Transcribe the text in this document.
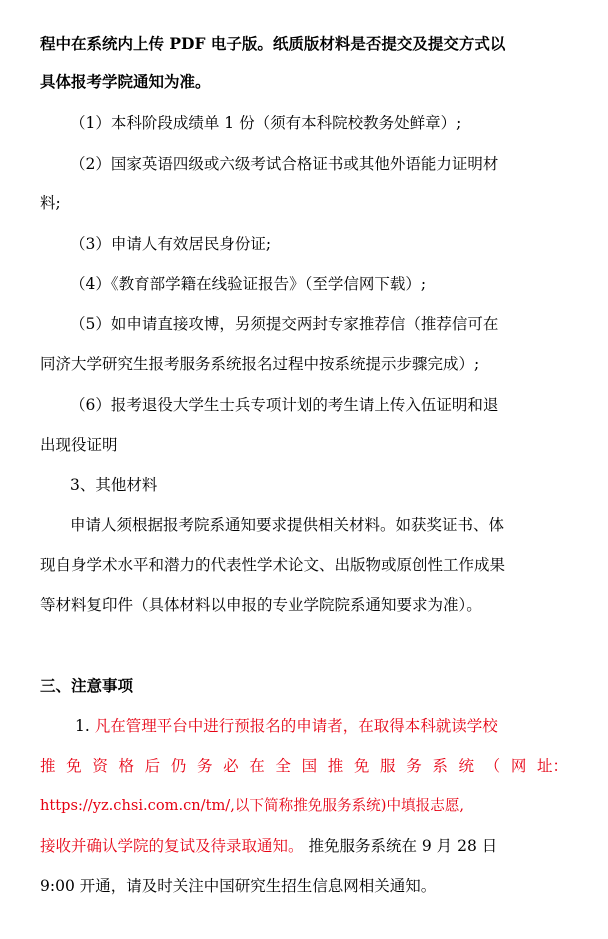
程中在系统内上传 PDF 电子版。纸质版材料是否提交及提交方式以
具体报考学院通知为准。
（1）本科阶段成绩单 1 份（须有本科院校教务处鲜章）;
（2）国家英语四级或六级考试合格证书或其他外语能力证明材
料;
（3）申请人有效居民身份证;
（4）《教育部学籍在线验证报告》（至学信网下载）;
（5）如申请直接攻博，另须提交两封专家推荐信（推荐信可在
同济大学研究生报考服务系统报名过程中按系统提示步骤完成）;
（6）报考退役大学生士兵专项计划的考生请上传入伍证明和退
出现役证明
3、其他材料
申请人须根据报考院系通知要求提供相关材料。如获奖证书、体
现自身学术水平和潜力的代表性学术论文、出版物或原创性工作成果
等材料复印件（具体材料以申报的专业学院院系通知要求为准）。
三、注意事项
1. 凡在管理平台中进行预报名的申请者，在取得本科就读学校
推 免 资 格 后 仍 务 必 在 全 国 推 免 服 务 系 统 （ 网 址：
https://yz.chsi.com.cn/tm/,以下简称推免服务系统)中填报志愿,
接收并确认学院的复试及待录取通知。 推免服务系统在 9 月 28 日
9:00 开通，请及时关注中国研究生招生信息网相关通知。
